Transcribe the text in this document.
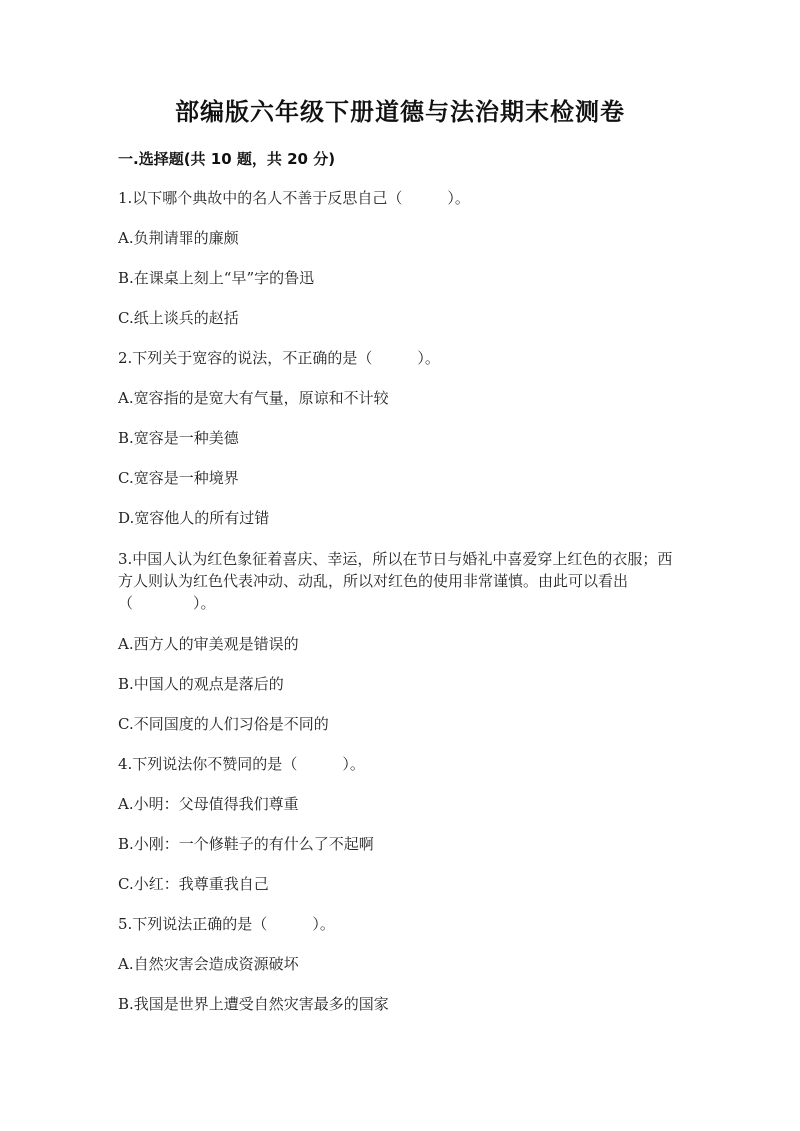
部编版六年级下册道德与法治期末检测卷
一.选择题(共 10 题，共 20 分)
1.以下哪个典故中的名人不善于反思自己（　　　）。
A.负荆请罪的廉颇
B.在课桌上刻上“早”字的鲁迅
C.纸上谈兵的赵括
2.下列关于宽容的说法，不正确的是（　　　）。
A.宽容指的是宽大有气量，原谅和不计较
B.宽容是一种美德
C.宽容是一种境界
D.宽容他人的所有过错
3.中国人认为红色象征着喜庆、幸运，所以在节日与婚礼中喜爱穿上红色的衣服；西方人则认为红色代表冲动、动乱，所以对红色的使用非常谨慎。由此可以看出（　　　　）。
A.西方人的审美观是错误的
B.中国人的观点是落后的
C.不同国度的人们习俗是不同的
4.下列说法你不赞同的是（　　　）。
A.小明：父母值得我们尊重
B.小刚：一个修鞋子的有什么了不起啊
C.小红：我尊重我自己
5.下列说法正确的是（　　　）。
A.自然灾害会造成资源破坏
B.我国是世界上遭受自然灾害最多的国家
